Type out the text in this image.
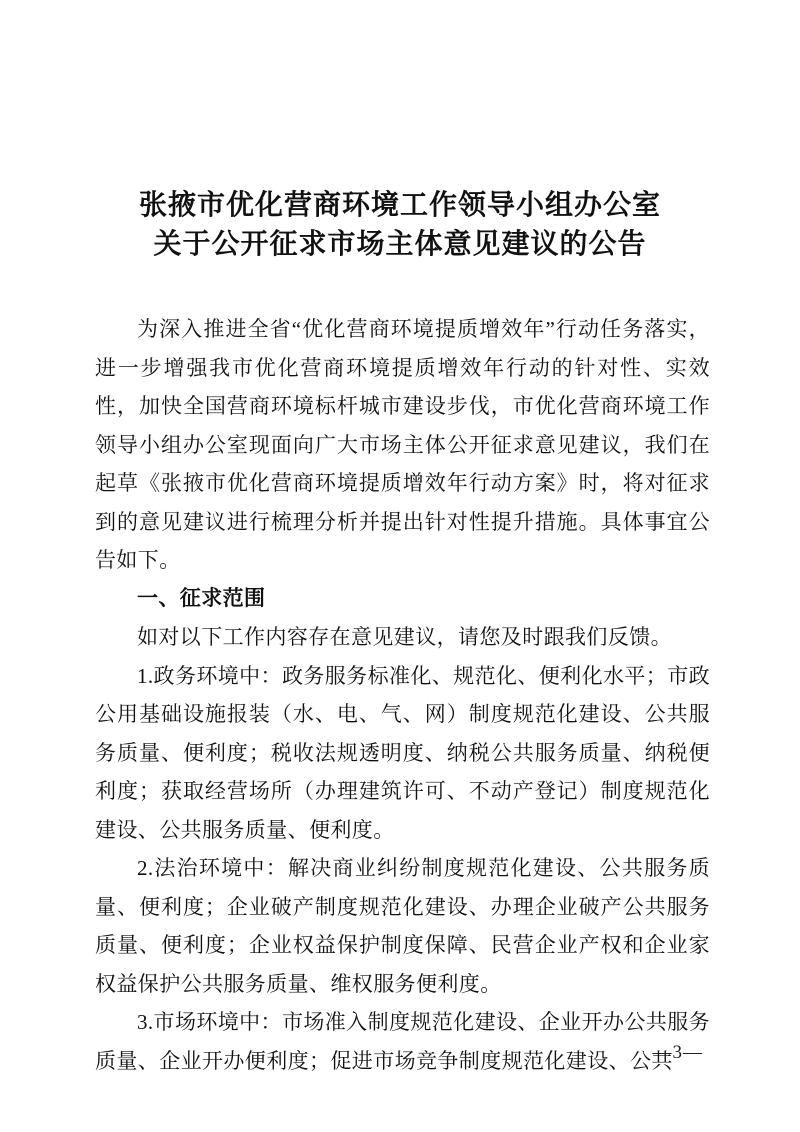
张掖市优化营商环境工作领导小组办公室
关于公开征求市场主体意见建议的公告

为深入推进全省“优化营商环境提质增效年”行动任务落实，进一步增强我市优化营商环境提质增效年行动的针对性、实效性，加快全国营商环境标杆城市建设步伐，市优化营商环境工作领导小组办公室现面向广大市场主体公开征求意见建议，我们在起草《张掖市优化营商环境提质增效年行动方案》时，将对征求到的意见建议进行梳理分析并提出针对性提升措施。具体事宜公告如下。

一、征求范围

如对以下工作内容存在意见建议，请您及时跟我们反馈。

1.政务环境中：政务服务标准化、规范化、便利化水平；市政公用基础设施报装（水、电、气、网）制度规范化建设、公共服务质量、便利度；税收法规透明度、纳税公共服务质量、纳税便利度；获取经营场所（办理建筑许可、不动产登记）制度规范化建设、公共服务质量、便利度。

2.法治环境中：解决商业纠纷制度规范化建设、公共服务质量、便利度；企业破产制度规范化建设、办理企业破产公共服务质量、便利度；企业权益保护制度保障、民营企业产权和企业家权益保护公共服务质量、维权服务便利度。

3.市场环境中：市场准入制度规范化建设、企业开办公共服务质量、企业开办便利度；促进市场竞争制度规范化建设、公共

—3—
